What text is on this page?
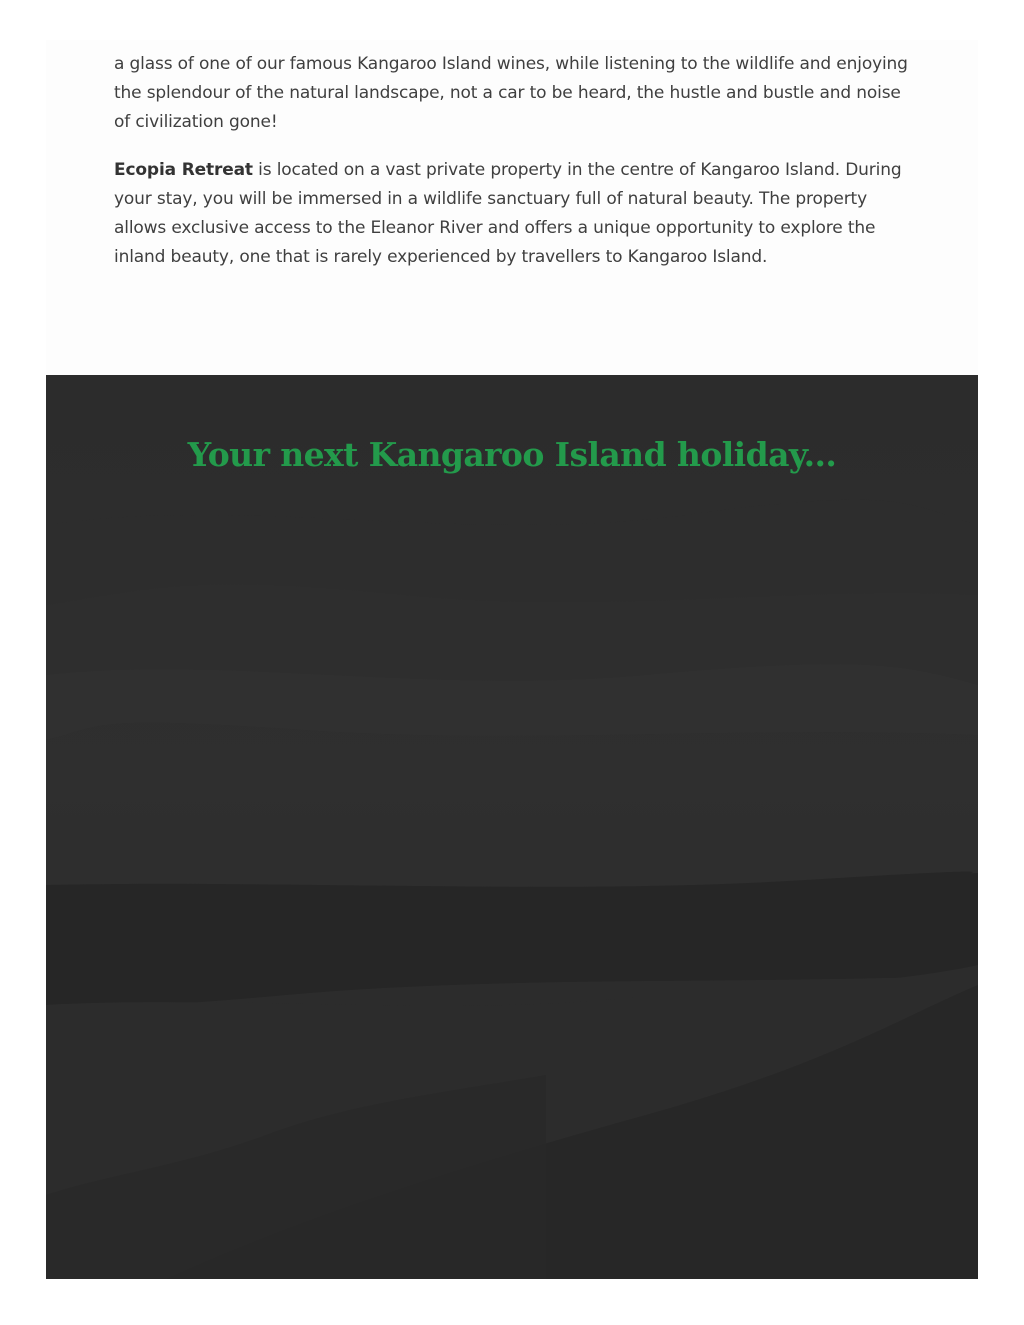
a glass of one of our famous Kangaroo Island wines, while listening to the wildlife and enjoying the splendour of the natural landscape, not a car to be heard, the hustle and bustle and noise of civilization gone!

Ecopia Retreat is located on a vast private property in the centre of Kangaroo Island. During your stay, you will be immersed in a wildlife sanctuary full of natural beauty. The property allows exclusive access to the Eleanor River and offers a unique opportunity to explore the inland beauty, one that is rarely experienced by travellers to Kangaroo Island.

Your next Kangaroo Island holiday...
